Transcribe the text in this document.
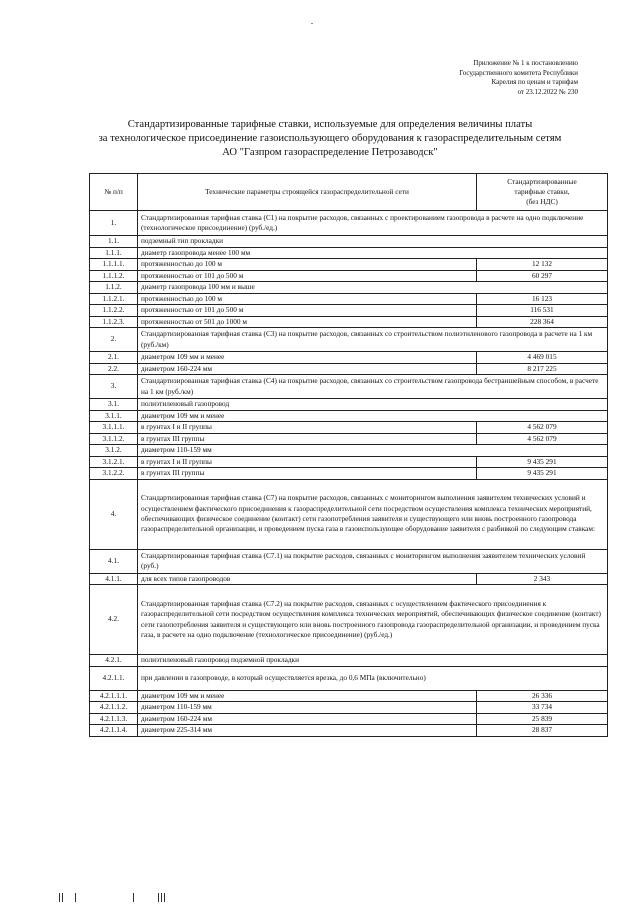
Приложение № 1 к постановлению
Государственного комитета Республики
Карелия по ценам и тарифам
от 23.12.2022 № 230
Стандартизированные тарифные ставки, используемые для определения величины платы
за технологическое присоединение газоиспользующего оборудования к газораспределительным сетям
АО "Газпром газораспределение Петрозаводск"
№ п/п	Технические параметры строящейся газораспределительной сети	Стандартизированные
тарифные ставки,
(без НДС)

1.	Стандартизированная тарифная ставка (С1) на покрытие расходов, связанных с проектированием газопровода в расчете на одно подключение (технологическое присоединение) (руб./ед.)	
1.1.	подземный тип прокладки	
1.1.1.	диаметр газопровода менее 100 мм	
1.1.1.1.	протяженностью до 100 м	12 132
1.1.1.2.	протяженностью от 101 до 500 м	60 297
1.1.2.	диаметр газопровода 100 мм и выше	
1.1.2.1.	протяженностью до 100 м	16 123
1.1.2.2.	протяженностью от 101 до 500 м	116 531
1.1.2.3.	протяженностью от 501 до 1000 м	228 364
2.	Стандартизированная тарифная ставка (С3) на покрытие расходов, связанных со строительством полиэтиленового газопровода в расчете на 1 км (руб./км)	
2.1.	диаметром 109 мм и менее	4 469 015
2.2.	диаметром 160-224 мм	8 217 225
3.	Стандартизированная тарифная ставка (С4) на покрытие расходов, связанных со строительством газопровода бестраншейным способом, в расчете на 1 км (руб./км)	
3.1.	полиэтиленовый газопровод	
3.1.1.	диаметром 109 мм и менее	
3.1.1.1.	в грунтах I и II группы	4 562 079
3.1.1.2.	в грунтах III группы	4 562 079
3.1.2.	диаметром 110-159 мм	
3.1.2.1.	в грунтах I и II группы	9 435 291
3.1.2.2.	в грунтах III группы	9 435 291
4.	Стандартизированная тарифная ставка (С7) на покрытие расходов, связанных с мониторингом выполнения заявителем технических условий и осуществлением фактического присоединения к газораспределительной сети посредством осуществления комплекса технических мероприятий, обеспечивающих физическое соединение (контакт) сети газопотребления заявителя и существующего или вновь построенного газопровода газораспределительной организации, и проведением пуска газа в газоиспользующее оборудование заявителя с разбивкой по следующим ставкам:	
4.1.	Стандартизированная тарифная ставка (С7.1) на покрытие расходов, связанных с мониторингом выполнения заявителем технических условий (руб.)	
4.1.1.	для всех типов газопроводов	2 343
4.2.	Стандартизированная тарифная ставка (С7.2) на покрытие расходов, связанных с осуществлением фактического присоединения к газораспределительной сети посредством осуществления комплекса технических мероприятий, обеспечивающих физическое соединение (контакт) сети газопотребления заявителя и существующего или вновь построенного газопровода газораспределительной организации, и проведением пуска газа, в расчете на одно подключение (технологическое присоединение) (руб./ед.)	
4.2.1.	полиэтиленовый газопровод подземной прокладки	
4.2.1.1.	при давлении в газопроводе, в который осуществляется врезка, до 0,6 МПа (включительно)	
4.2.1.1.1.	диаметром 109 мм и менее	26 336
4.2.1.1.2.	диаметром 110-159 мм	33 734
4.2.1.1.3.	диаметром 160-224 мм	25 839
4.2.1.1.4.	диаметром 225-314 мм	28 837
